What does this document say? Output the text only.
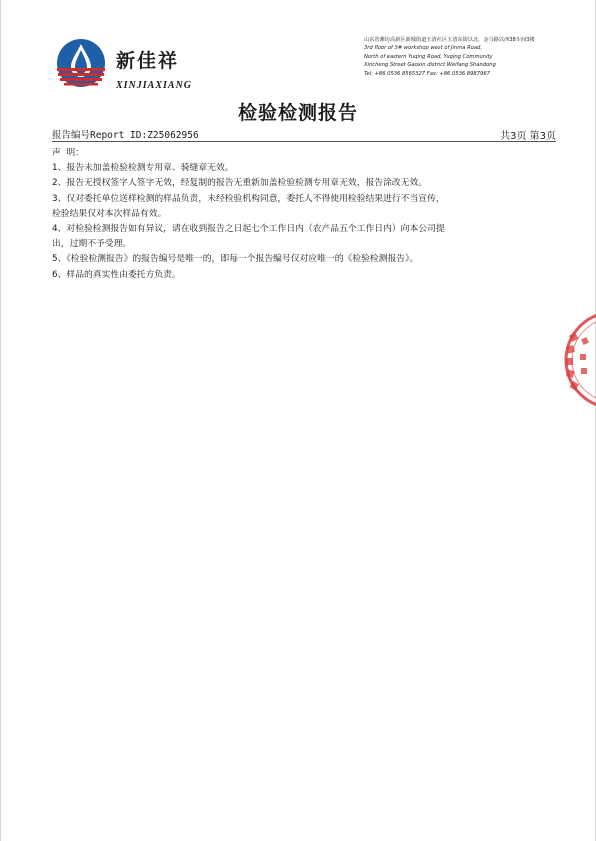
新佳祥
XINJIAXIANG
山东省潍坊高新区新城街道玉清社区玉清东街以北，金马路以西38车间3楼
3rd floor of 3# workshop west of Jinma Road,
North of eastern Yuqing Road, Yuqing Community
Xincheng Street Gaoxin district Weifang Shandong
Tel: +86 0536 8565327 Fax: +86 0536 8987967
检验检测报告
报告编号Report ID:Z25062956	共3页 第3页

声  明：

1、报告未加盖检验检测专用章、骑缝章无效。

2、报告无授权签字人签字无效，经复制的报告无重新加盖检验检测专用章无效，报告涂改无效。

3、仅对委托单位送样检测的样品负责，未经检验机构同意，委托人不得使用检验结果进行不当宣传，

检验结果仅对本次样品有效。

4、对检验检测报告如有异议，请在收到报告之日起七个工作日内（农产品五个工作日内）向本公司提

出，过期不予受理。

5、《检验检测报告》的报告编号是唯一的，即每一个报告编号仅对应唯一的《检验检测报告》。

6、样品的真实性由委托方负责。
